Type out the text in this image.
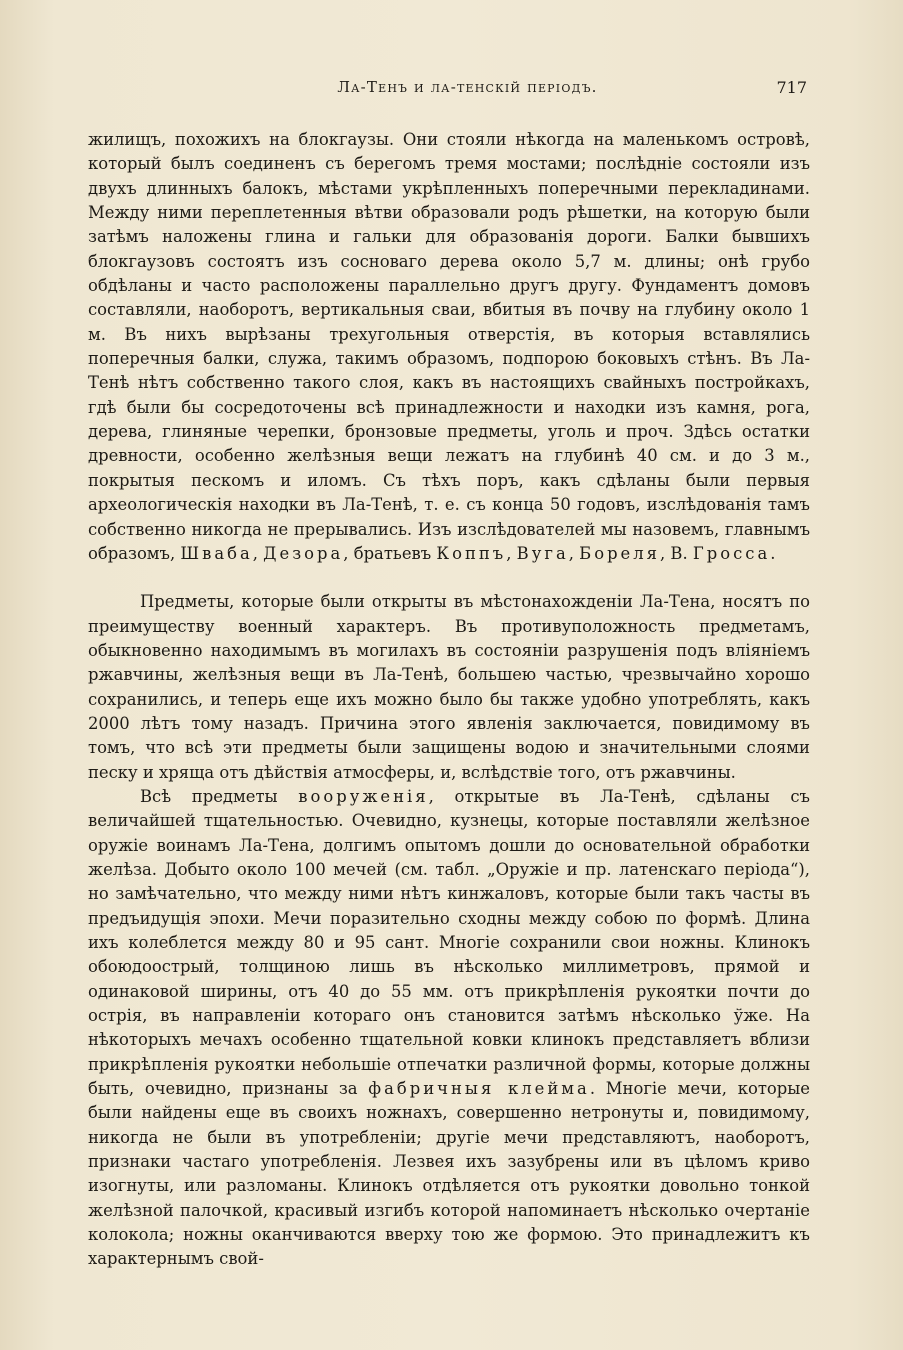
Ла-Тенъ и ла-тенскій періодъ.	717

жилищъ, похожихъ на блокгаузы. Они стояли нѣкогда на маленькомъ островѣ, который былъ соединенъ съ берегомъ тремя мостами; послѣдніе состояли изъ двухъ длинныхъ балокъ, мѣстами укрѣпленныхъ поперечными перекладинами. Между ними переплетенныя вѣтви образовали родъ рѣшетки, на которую были затѣмъ наложены глина и гальки для образованія дороги. Балки бывшихъ блокгаузовъ состоятъ изъ сосноваго дерева около 5,7 м. длины; онѣ грубо обдѣланы и часто расположены параллельно другъ другу. Фундаментъ домовъ составляли, наоборотъ, вертикальныя сваи, вбитыя въ почву на глубину около 1 м. Въ нихъ вырѣзаны трехугольныя отверстія, въ которыя вставлялись поперечныя балки, служа, такимъ образомъ, подпорою боковыхъ стѣнъ. Въ Ла-Тенѣ нѣтъ собственно такого слоя, какъ въ настоящихъ свайныхъ постройкахъ, гдѣ были бы сосредоточены всѣ принадлежности и находки изъ камня, рога, дерева, глиняные черепки, бронзовые предметы, уголь и проч. Здѣсь остатки древности, особенно желѣзныя вещи лежатъ на глубинѣ 40 см. и до 3 м., покрытыя пескомъ и иломъ. Съ тѣхъ поръ, какъ сдѣланы были первыя археологическія находки въ Ла-Тенѣ, т. е. съ конца 50 годовъ, изслѣдованія тамъ собственно никогда не прерывались. Изъ изслѣдователей мы назовемъ, главнымъ образомъ, Шваба, Дезора, братьевъ Коппъ, Вуга, Бореля, В. Гросса.

Предметы, которые были открыты въ мѣстонахожденіи Ла-Тена, носятъ по преимуществу военный характеръ. Въ противуположность предметамъ, обыкновенно находимымъ въ могилахъ въ состояніи разрушенія подъ вліяніемъ ржавчины, желѣзныя вещи въ Ла-Тенѣ, большею частью, чрезвычайно хорошо сохранились, и теперь еще ихъ можно было бы также удобно употреблять, какъ 2000 лѣтъ тому назадъ. Причина этого явленія заключается, повидимому въ томъ, что всѣ эти предметы были защищены водою и значительными слоями песку и хряща отъ дѣйствія атмосферы, и, вслѣдствіе того, отъ ржавчины.

Всѣ предметы вооруженія, открытые въ Ла-Тенѣ, сдѣланы съ величайшей тщательностью. Очевидно, кузнецы, которые поставляли желѣзное оружіе воинамъ Ла-Тена, долгимъ опытомъ дошли до основательной обработки желѣза. Добыто около 100 мечей (см. табл. „Оружіе и пр. латенскаго періода“), но замѣчательно, что между ними нѣтъ кинжаловъ, которые были такъ часты въ предъидущія эпохи. Мечи поразительно сходны между собою по формѣ. Длина ихъ колеблется между 80 и 95 сант. Многіе сохранили свои ножны. Клинокъ обоюдоострый, толщиною лишь въ нѣсколько миллиметровъ, прямой и одинаковой ширины, отъ 40 до 55 мм. отъ прикрѣпленія рукоятки почти до острія, въ направленіи котораго онъ становится затѣмъ нѣсколько ўже. На нѣкоторыхъ мечахъ особенно тщательной ковки клинокъ представляетъ вблизи прикрѣпленія рукоятки небольшіе отпечатки различной формы, которые должны быть, очевидно, признаны за фабричныя клейма. Многіе мечи, которые были найдены еще въ своихъ ножнахъ, совершенно нетронуты и, повидимому, никогда не были въ употребленіи; другіе мечи представляютъ, наоборотъ, признаки частаго употребленія. Лезвея ихъ зазубрены или въ цѣломъ криво изогнуты, или разломаны. Клинокъ отдѣляется отъ рукоятки довольно тонкой желѣзной палочкой, красивый изгибъ которой напоминаетъ нѣсколько очертаніе колокола; ножны оканчиваются вверху тою же формою. Это принадлежитъ къ характернымъ свой-
